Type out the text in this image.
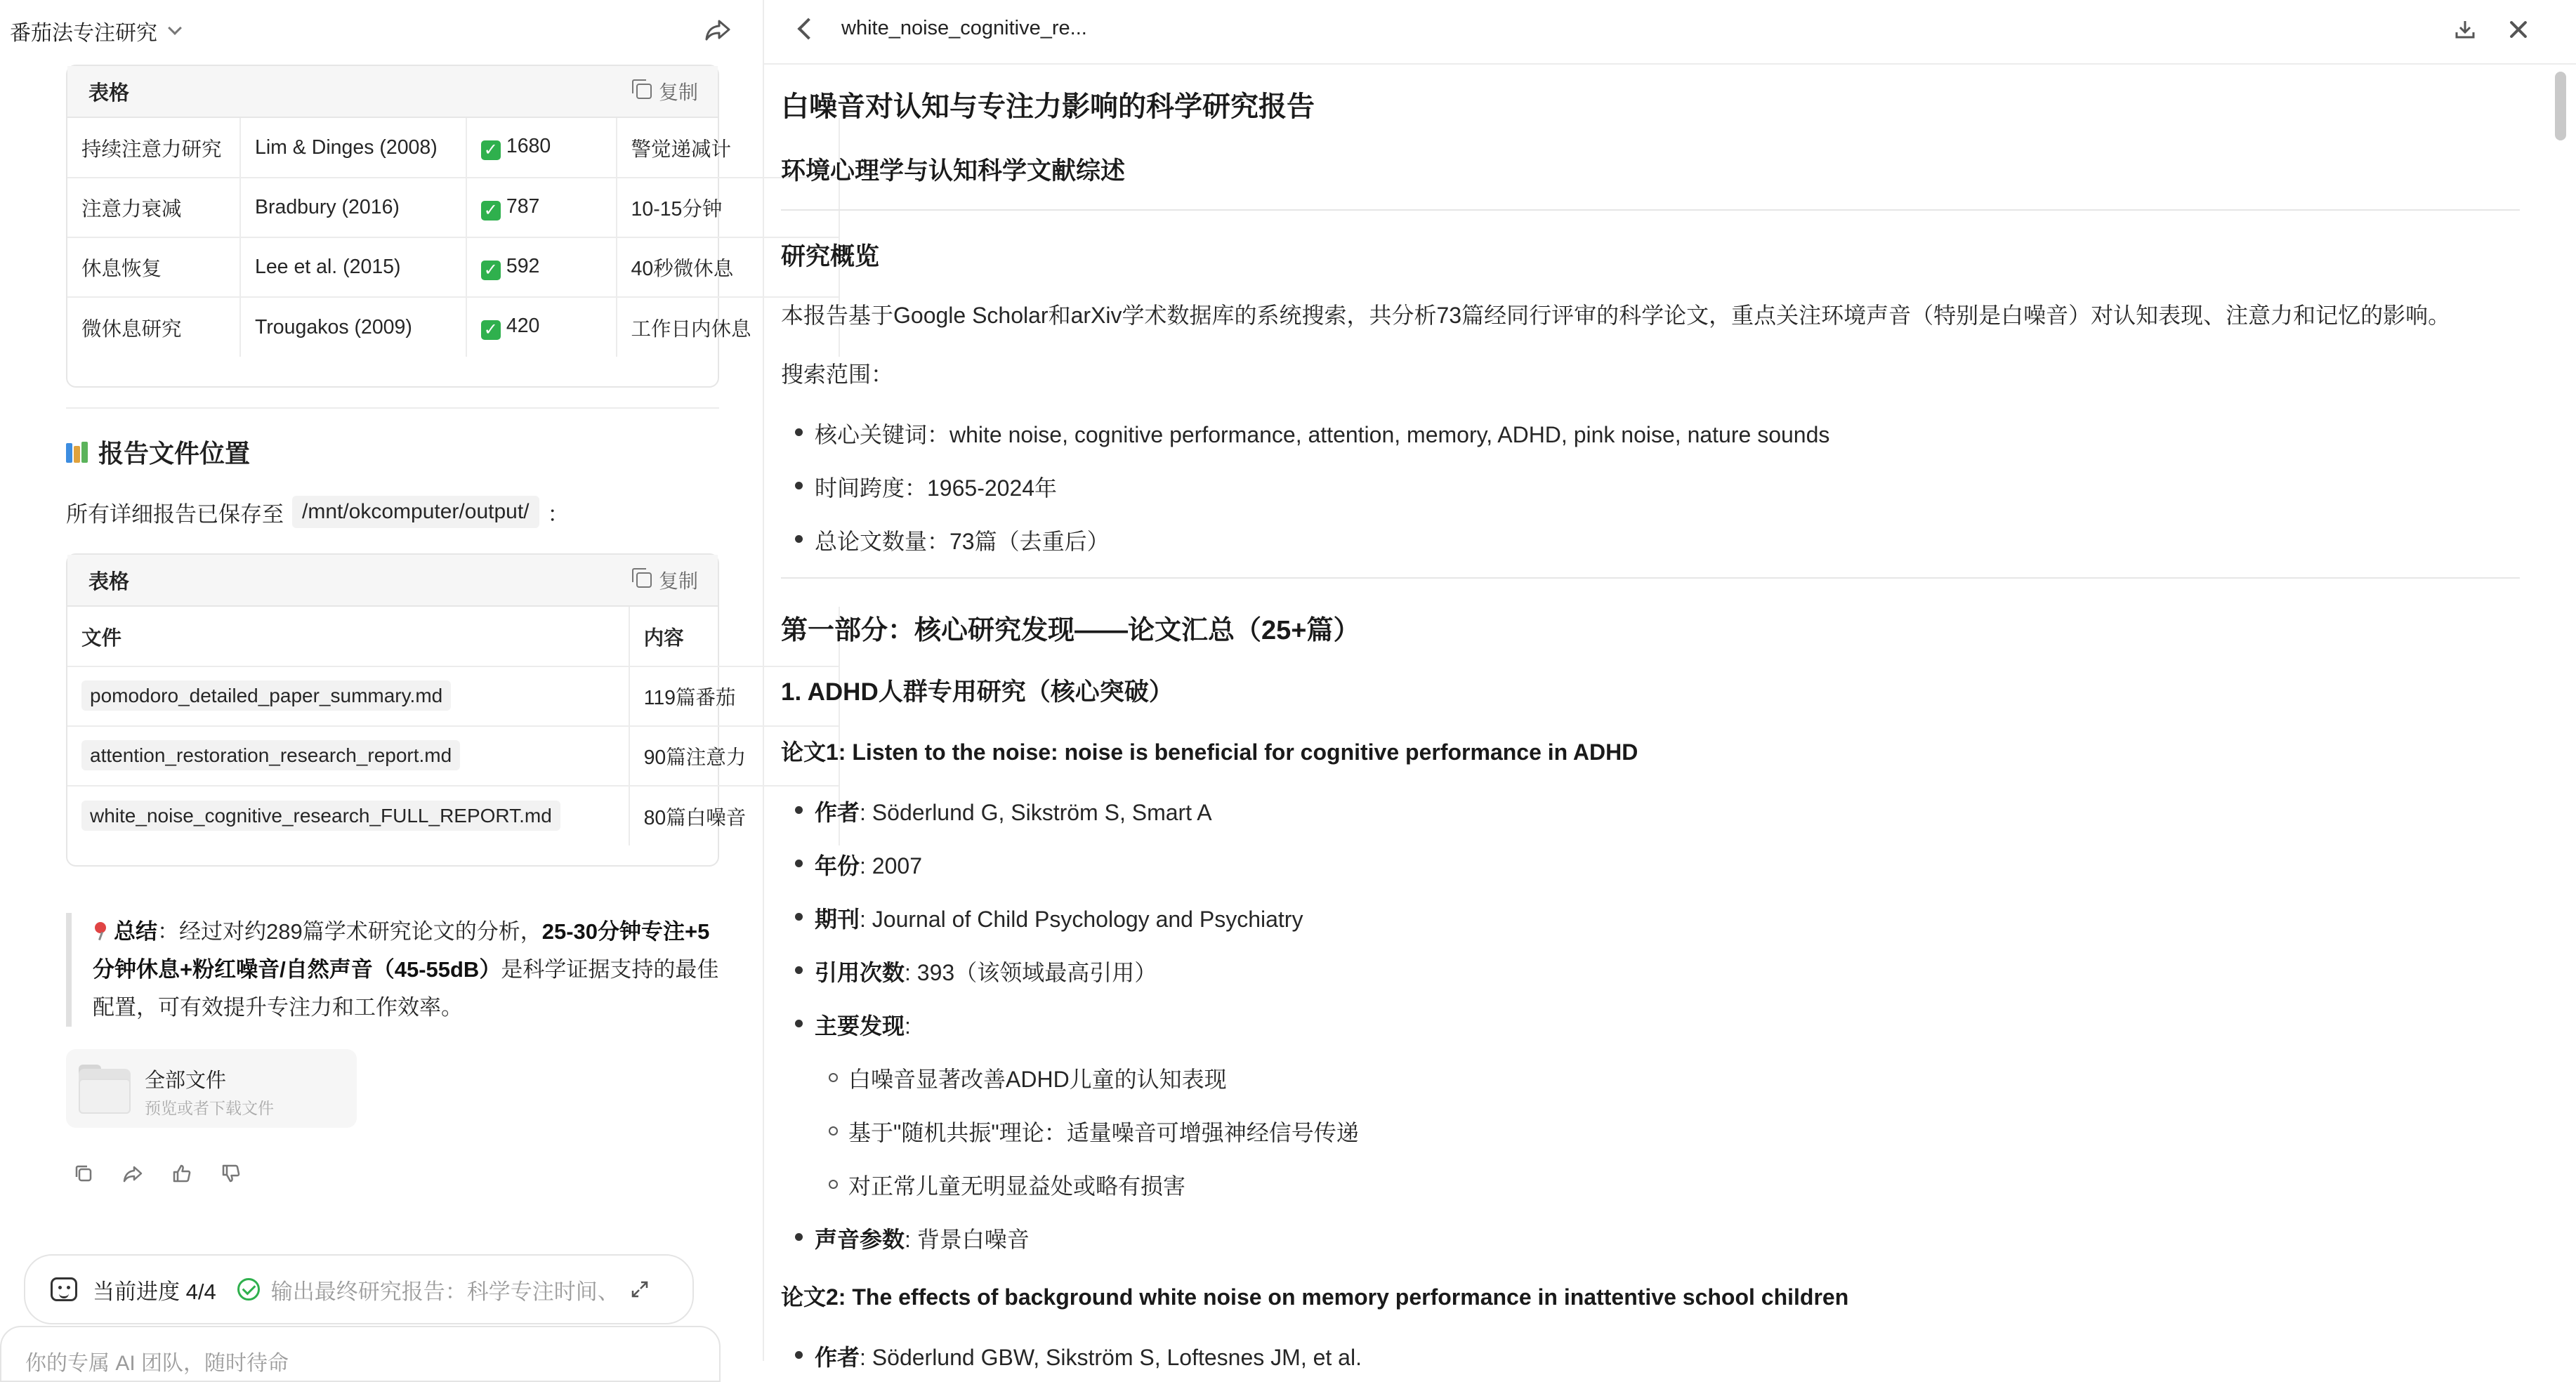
番茄法专注研究
表格	复制
持续注意力研究	Lim & Dinges (2008)	✓ 1680	警觉递减计
注意力衰减	Bradbury (2016)	✓ 787	10-15分钟
休息恢复	Lee et al. (2015)	✓ 592	40秒微休息
微休息研究	Trougakos (2009)	✓ 420	工作日内休息
报告文件位置
所有详细报告已保存至 /mnt/okcomputer/output/ ：
表格	复制
文件	内容
pomodoro_detailed_paper_summary.md	119篇番茄
attention_restoration_research_report.md	90篇注意力
white_noise_cognitive_research_FULL_REPORT.md	80篇白噪音
总结：经过对约289篇学术研究论文的分析，25-30分钟专注+5分钟休息+粉红噪音/自然声音（45-55dB）是科学证据支持的最佳配置，可有效提升专注力和工作效率。
全部文件
预览或者下载文件
当前进度 4/4	输出最终研究报告：科学专注时间、
你的专属 AI 团队，随时待命
white_noise_cognitive_re...
白噪音对认知与专注力影响的科学研究报告
环境心理学与认知科学文献综述
研究概览
本报告基于Google Scholar和arXiv学术数据库的系统搜索，共分析73篇经同行评审的科学论文，重点关注环境声音（特别是白噪音）对认知表现、注意力和记忆的影响。
搜索范围：
核心关键词：white noise, cognitive performance, attention, memory, ADHD, pink noise, nature sounds
时间跨度：1965-2024年
总论文数量：73篇（去重后）
第一部分：核心研究发现——论文汇总（25+篇）
1. ADHD人群专用研究（核心突破）
论文1: Listen to the noise: noise is beneficial for cognitive performance in ADHD
作者: Söderlund G, Sikström S, Smart A
年份: 2007
期刊: Journal of Child Psychology and Psychiatry
引用次数: 393（该领域最高引用）
主要发现:
白噪音显著改善ADHD儿童的认知表现
基于"随机共振"理论：适量噪音可增强神经信号传递
对正常儿童无明显益处或略有损害
声音参数: 背景白噪音
论文2: The effects of background white noise on memory performance in inattentive school children
作者: Söderlund GBW, Sikström S, Loftesnes JM, et al.
